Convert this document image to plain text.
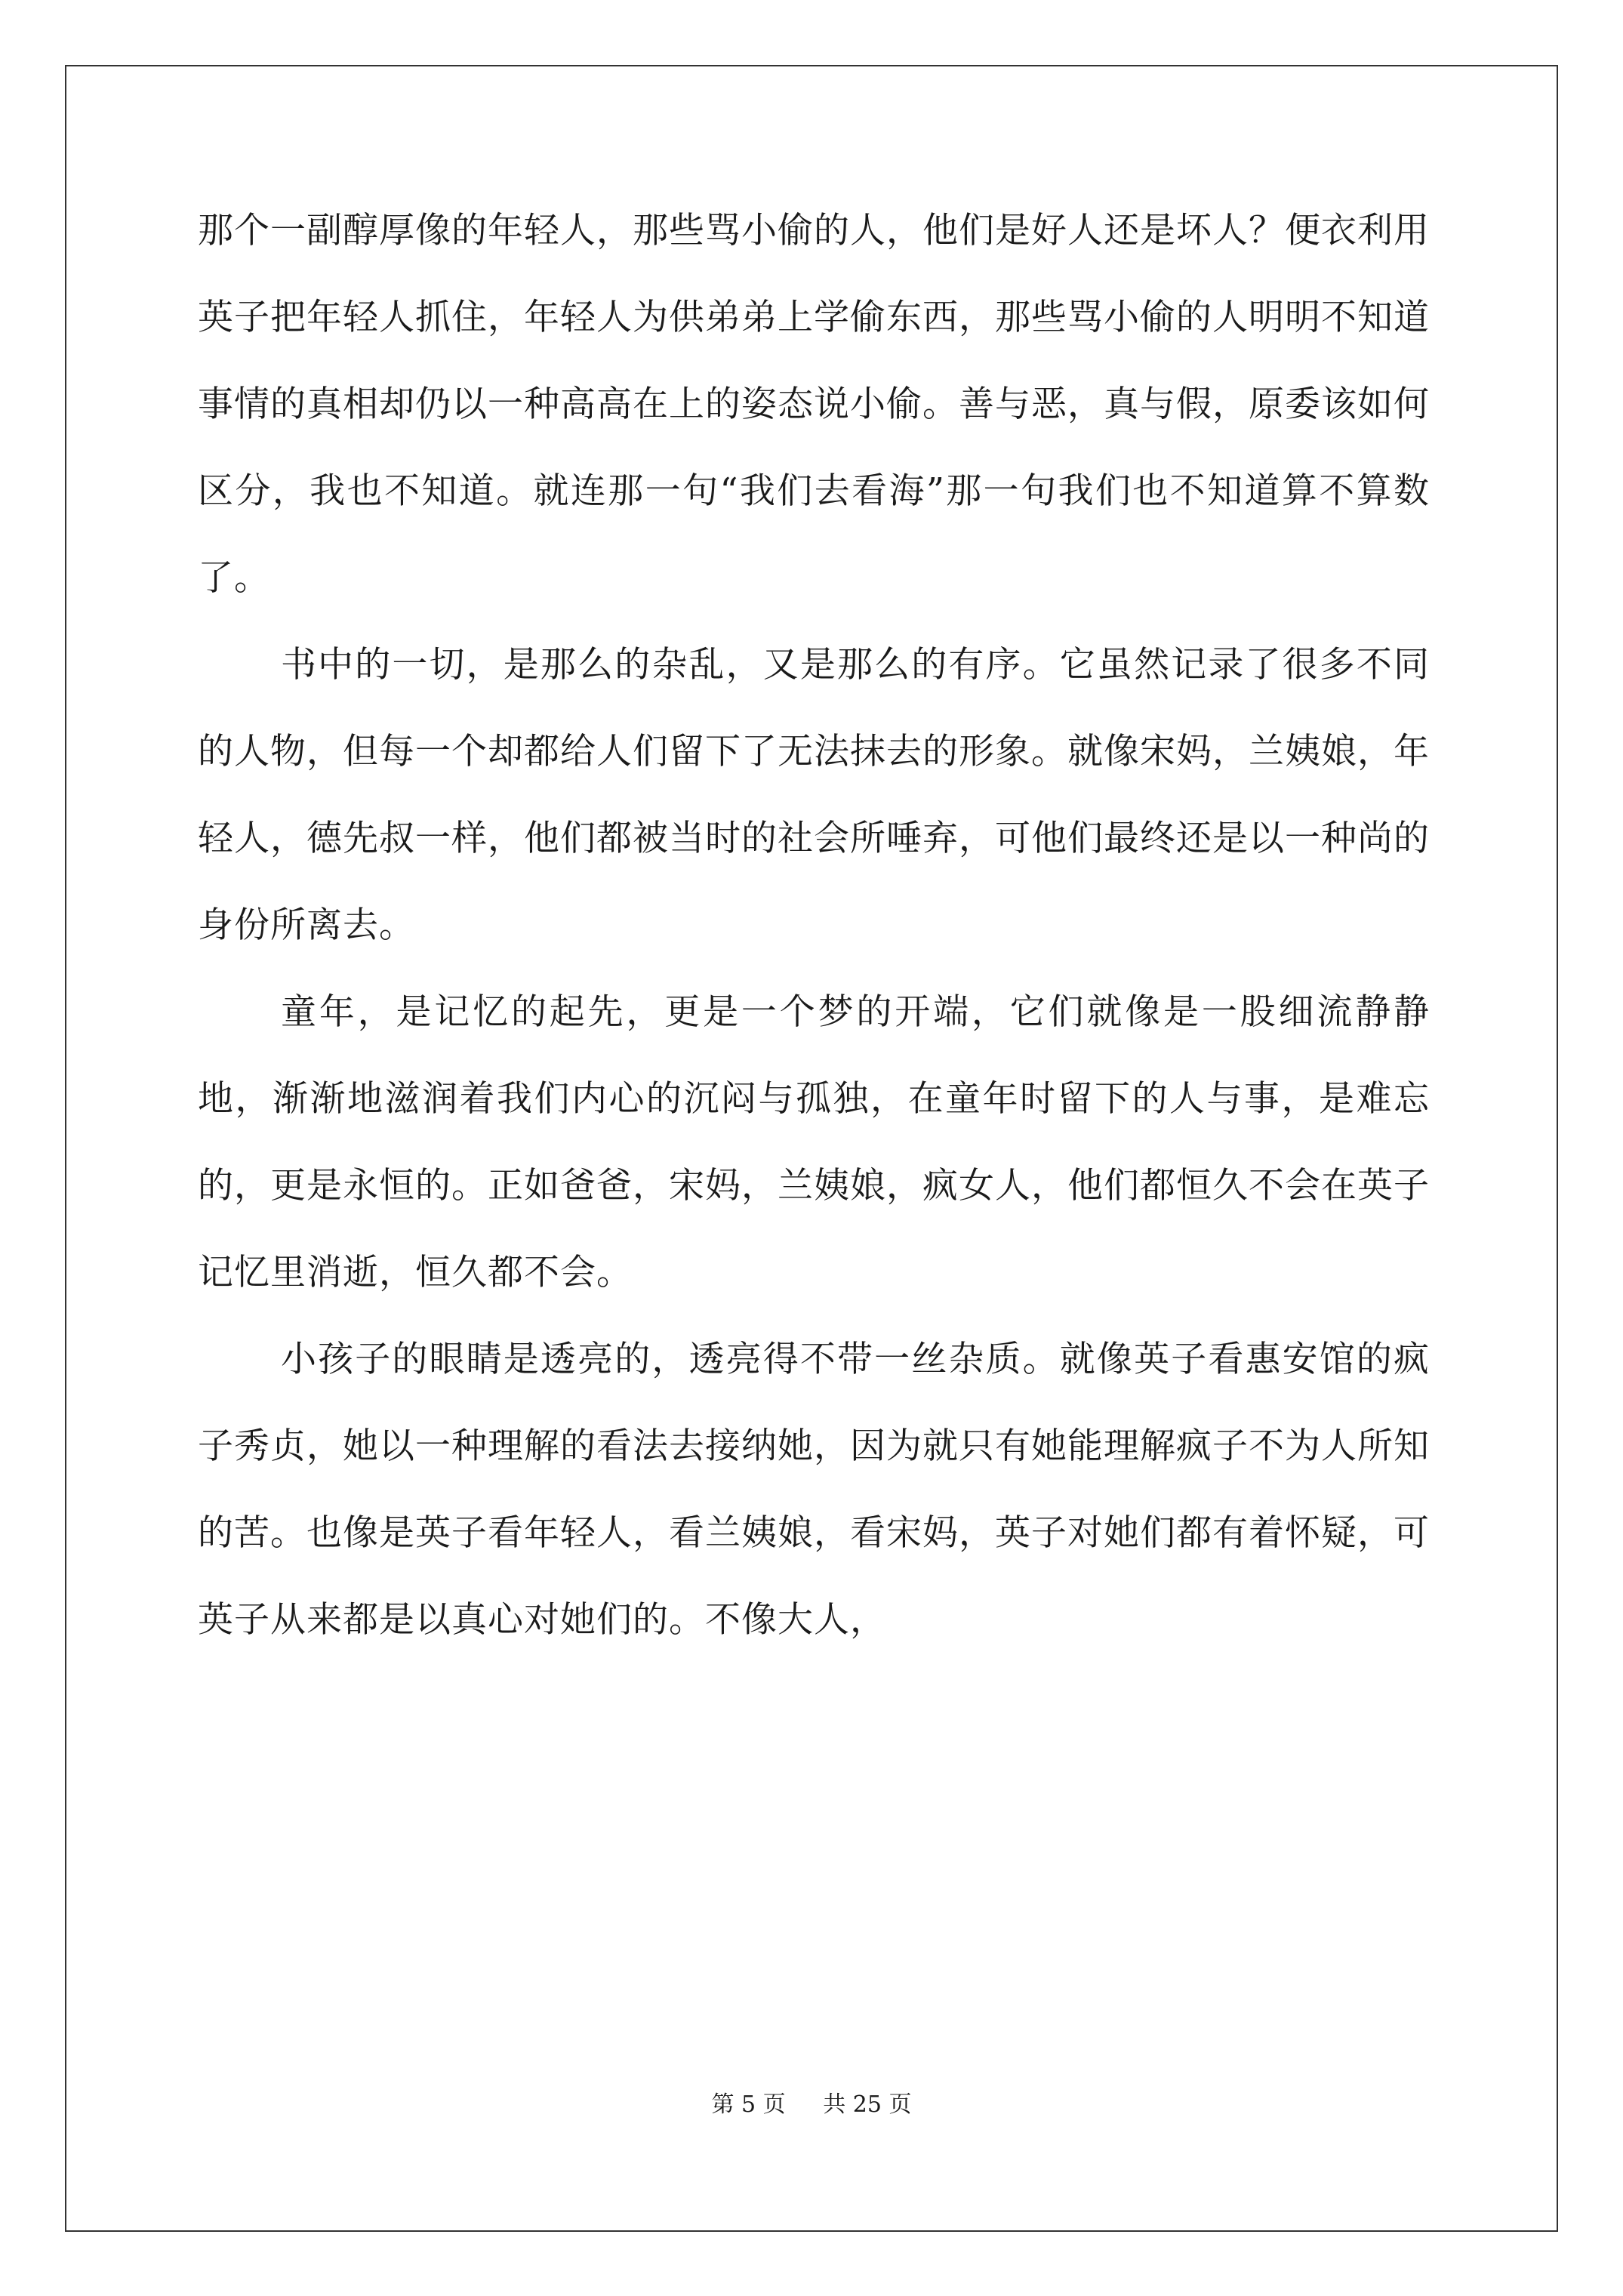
那个一副醇厚像的年轻人，那些骂小偷的人，他们是好人还是坏人？便衣利用英子把年轻人抓住，年轻人为供弟弟上学偷东西，那些骂小偷的人明明不知道事情的真相却仍以一种高高在上的姿态说小偷。善与恶，真与假，原委该如何区分，我也不知道。就连那一句“我们去看海”那一句我们也不知道算不算数了。

书中的一切，是那么的杂乱，又是那么的有序。它虽然记录了很多不同的人物，但每一个却都给人们留下了无法抹去的形象。就像宋妈，兰姨娘，年轻人，德先叔一样，他们都被当时的社会所唾弃，可他们最终还是以一种尚的身份所离去。

童年，是记忆的起先，更是一个梦的开端，它们就像是一股细流静静地，渐渐地滋润着我们内心的沉闷与孤独，在童年时留下的人与事，是难忘的，更是永恒的。正如爸爸，宋妈，兰姨娘，疯女人，他们都恒久不会在英子记忆里消逝，恒久都不会。

小孩子的眼睛是透亮的，透亮得不带一丝杂质。就像英子看惠安馆的疯子秀贞，她以一种理解的看法去接纳她，因为就只有她能理解疯子不为人所知的苦。也像是英子看年轻人，看兰姨娘，看宋妈，英子对她们都有着怀疑，可英子从来都是以真心对她们的。不像大人，

第 5 页 共 25 页
